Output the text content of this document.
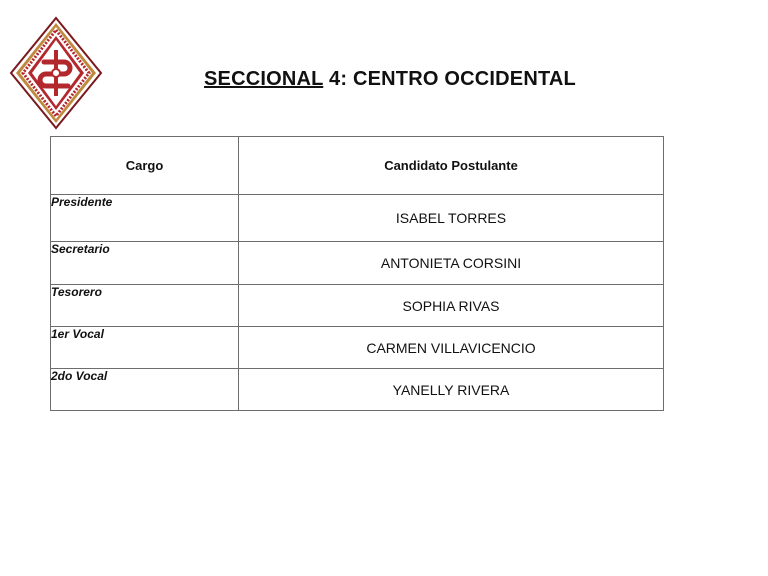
SECCIONAL 4: CENTRO OCCIDENTAL
Cargo	Candidato Postulante
Presidente	ISABEL TORRES
Secretario	ANTONIETA CORSINI
Tesorero	SOPHIA RIVAS
1er Vocal	CARMEN VILLAVICENCIO
2do Vocal	YANELLY RIVERA
